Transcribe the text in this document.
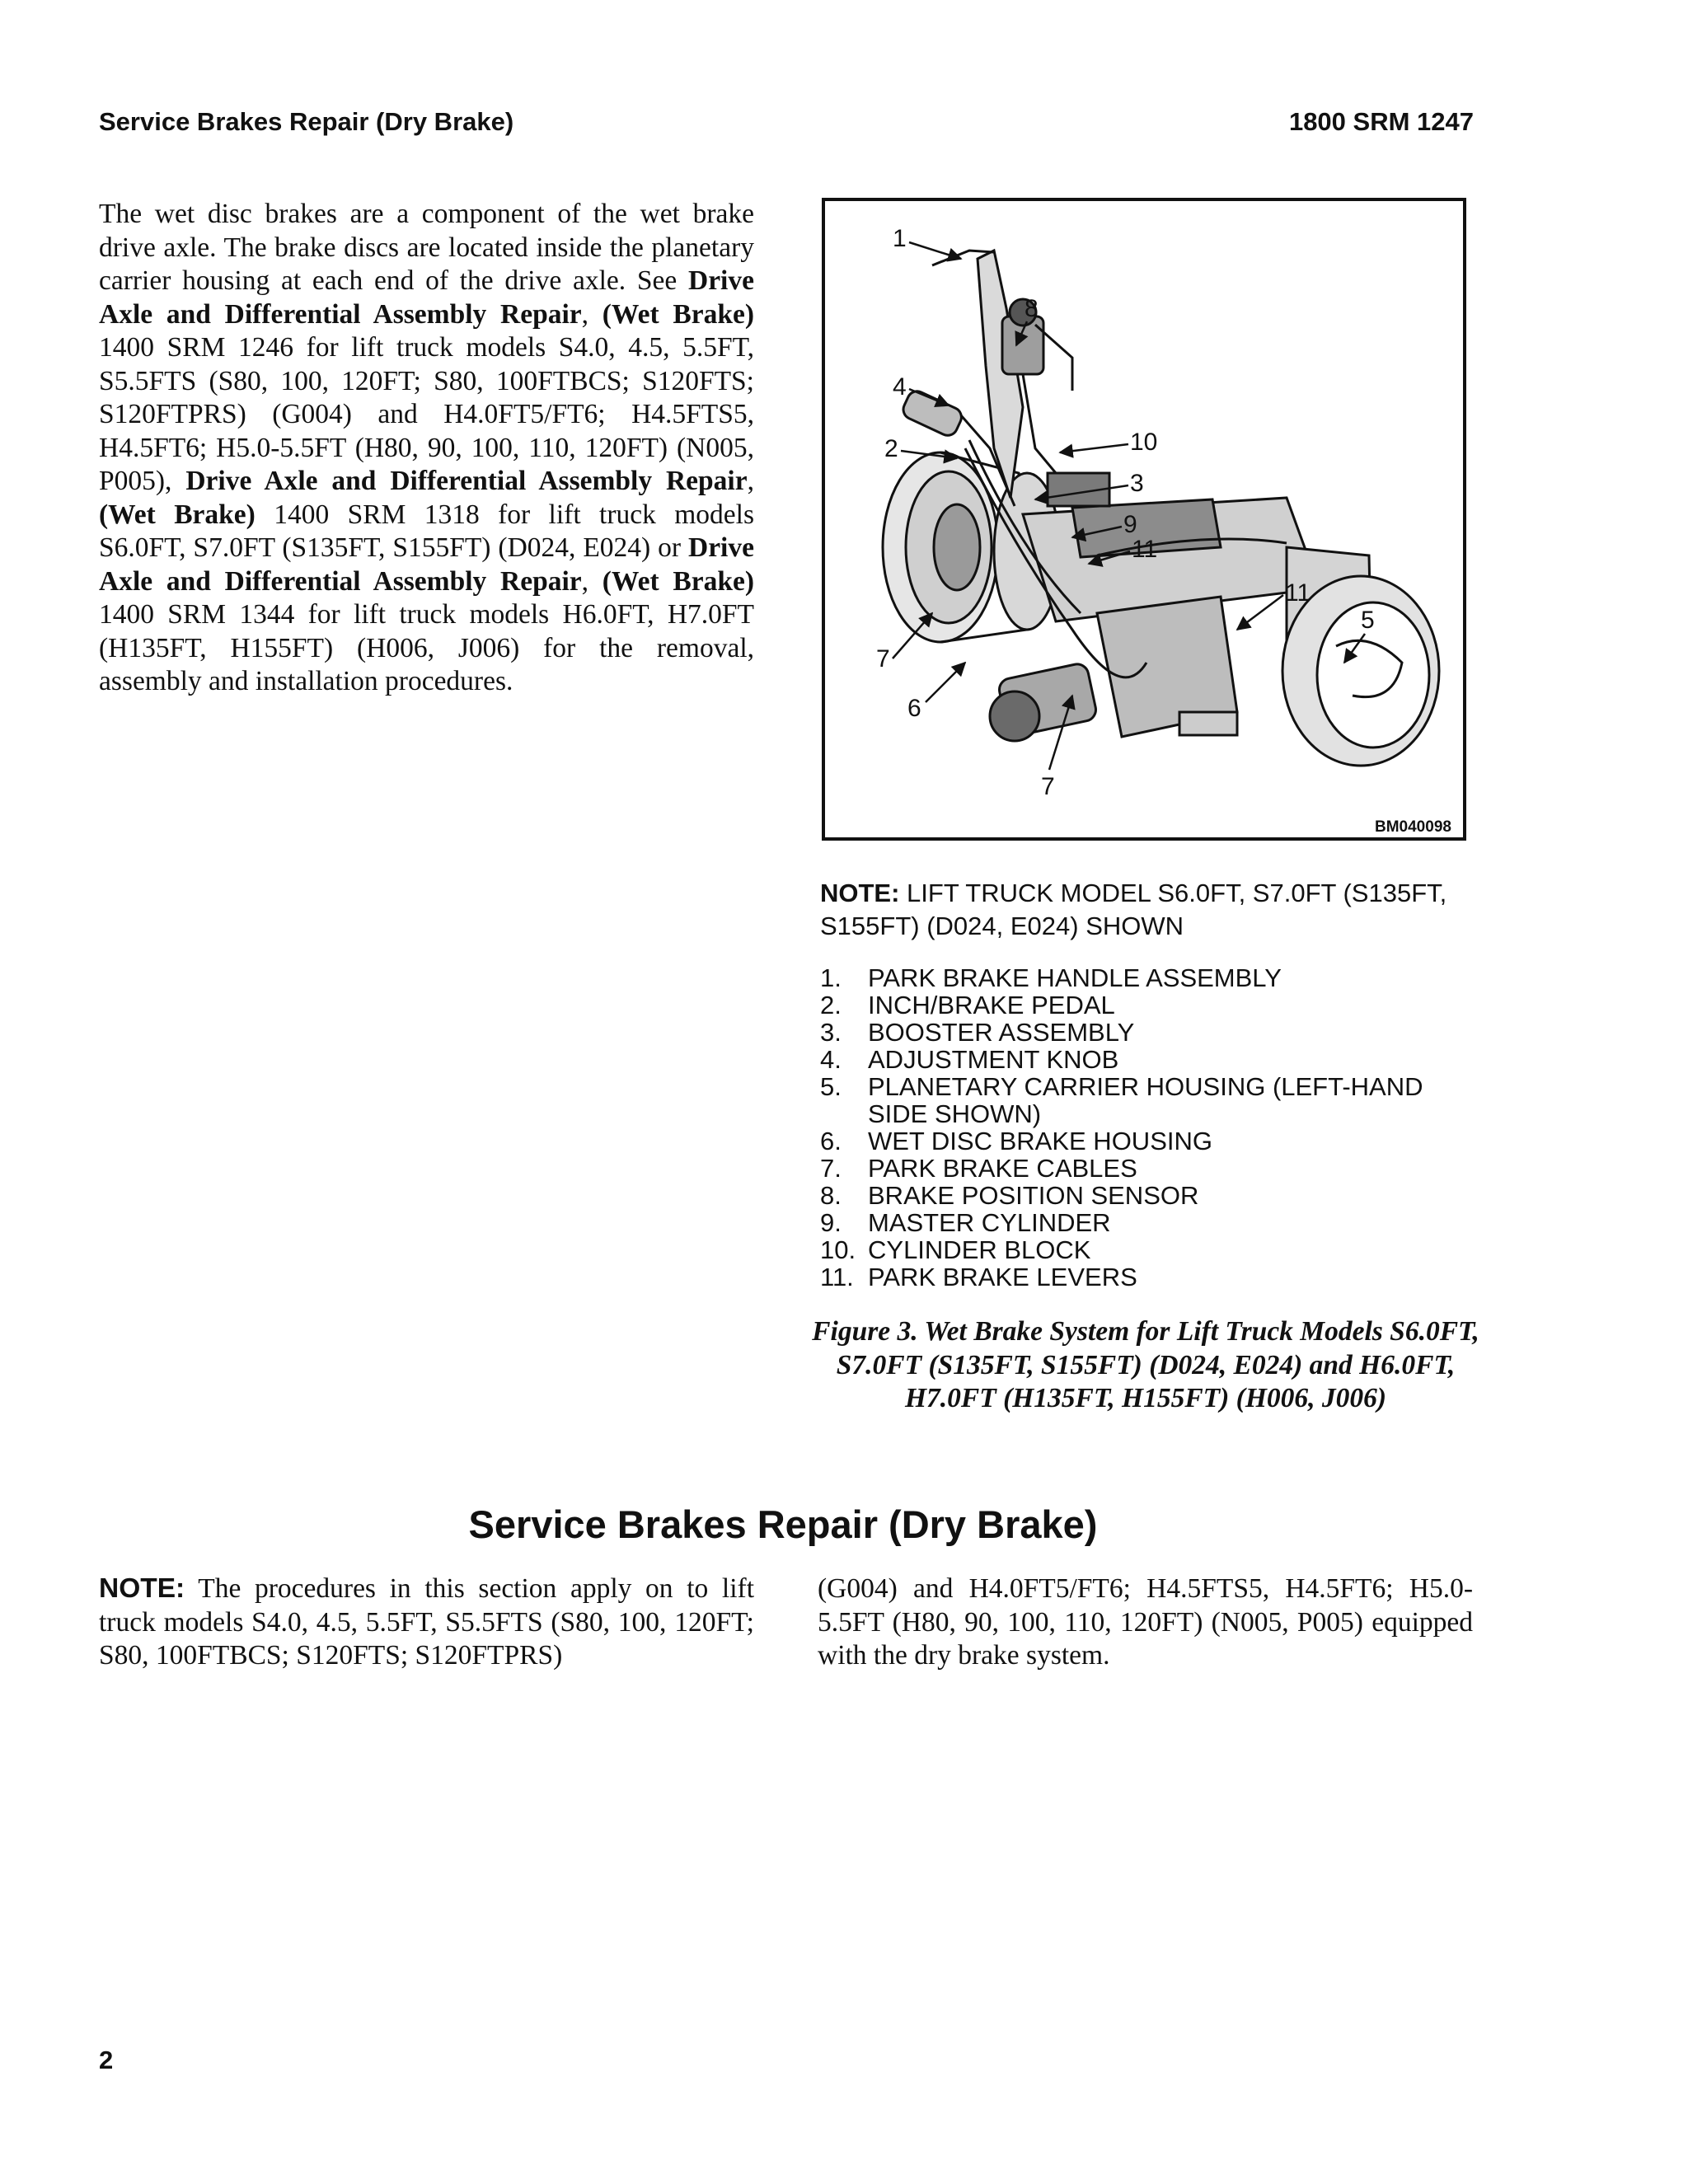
Service Brakes Repair (Dry Brake)	1800 SRM 1247
The wet disc brakes are a component of the wet brake drive axle. The brake discs are located inside the planetary carrier housing at each end of the drive axle. See Drive Axle and Differential Assembly Repair, (Wet Brake) 1400 SRM 1246 for lift truck models S4.0, 4.5, 5.5FT, S5.5FTS (S80, 100, 120FT; S80, 100FTBCS; S120FTS; S120FTPRS) (G004) and H4.0FT5/FT6; H4.5FTS5, H4.5FT6; H5.0-5.5FT (H80, 90, 100, 110, 120FT) (N005, P005), Drive Axle and Differential Assembly Repair, (Wet Brake) 1400 SRM 1318 for lift truck models S6.0FT, S7.0FT (S135FT, S155FT) (D024, E024) or Drive Axle and Differential Assembly Repair, (Wet Brake) 1400 SRM 1344 for lift truck models H6.0FT, H7.0FT (H135FT, H155FT) (H006, J006) for the removal, assembly and installation procedures.
1
8
4
2	10
3
9
11
11
5
7
6
7
BM040098
NOTE: LIFT TRUCK MODEL S6.0FT, S7.0FT (S135FT, S155FT) (D024, E024) SHOWN
1. PARK BRAKE HANDLE ASSEMBLY
2. INCH/BRAKE PEDAL
3. BOOSTER ASSEMBLY
4. ADJUSTMENT KNOB
5. PLANETARY CARRIER HOUSING (LEFT-HAND SIDE SHOWN)
6. WET DISC BRAKE HOUSING
7. PARK BRAKE CABLES
8. BRAKE POSITION SENSOR
9. MASTER CYLINDER
10. CYLINDER BLOCK
11. PARK BRAKE LEVERS
Figure 3. Wet Brake System for Lift Truck Models S6.0FT, S7.0FT (S135FT, S155FT) (D024, E024) and H6.0FT, H7.0FT (H135FT, H155FT) (H006, J006)
Service Brakes Repair (Dry Brake)
NOTE: The procedures in this section apply on to lift truck models S4.0, 4.5, 5.5FT, S5.5FTS (S80, 100, 120FT; S80, 100FTBCS; S120FTS; S120FTPRS)
(G004) and H4.0FT5/FT6; H4.5FTS5, H4.5FT6; H5.0-5.5FT (H80, 90, 100, 110, 120FT) (N005, P005) equipped with the dry brake system.
2
